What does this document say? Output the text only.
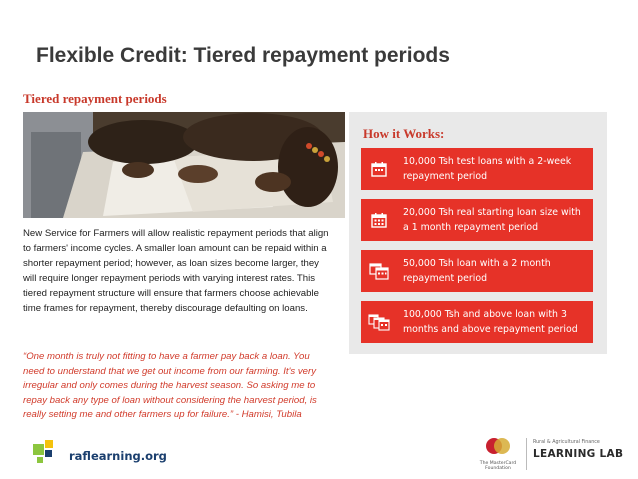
Flexible Credit: Tiered repayment periods
Tiered repayment periods

New Service for Farmers will allow realistic repayment periods that align to farmers' income cycles. A smaller loan amount can be repaid within a shorter repayment period; however, as loan sizes become larger, they will require longer repayment periods with varying interest rates. This tiered repayment structure will ensure that farmers choose achievable time frames for repayment, thereby discourage defaulting on loans.

“One month is truly not fitting to have a farmer pay back a loan. You need to understand that we get out income from our farming. It's very irregular and only comes during the harvest season. So asking me to repay back any type of loan without considering the harvest period, is really setting me and other farmers up for failure.” - Hamisi, Tubila

How it Works:
10,000 Tsh test loans with a 2-week repayment period
20,000 Tsh real starting loan size with a 1 month repayment period
50,000 Tsh loan with a 2 month repayment period
100,000 Tsh and above loan with 3 months and above repayment period
raflearning.org
The MasterCard Foundation
Rural & Agricultural Finance
LEARNING LAB
